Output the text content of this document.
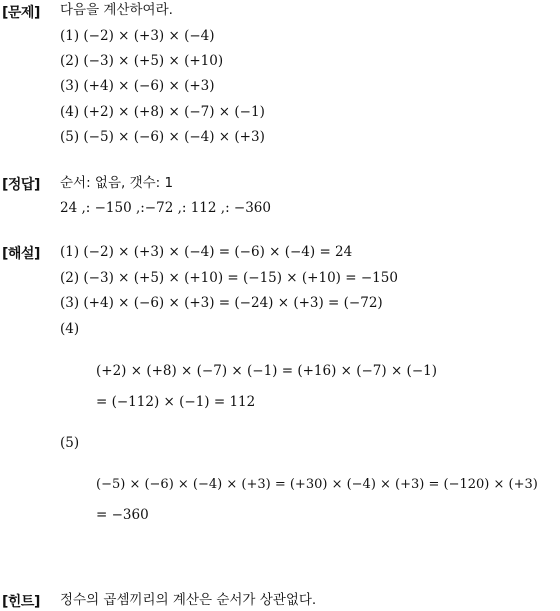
[문제] 다음을 계산하여라.
(1) (−2) × (+3) × (−4)
(2) (−3) × (+5) × (+10)
(3) (+4) × (−6) × (+3)
(4) (+2) × (+8) × (−7) × (−1)
(5) (−5) × (−6) × (−4) × (+3)
[정답] 순서: 없음, 갯수: 1
24 ,: −150 ,:−72 ,: 112 ,: −360
[해설] (1) (−2) × (+3) × (−4) = (−6) × (−4) = 24
(2) (−3) × (+5) × (+10) = (−15) × (+10) = −150
(3) (+4) × (−6) × (+3) = (−24) × (+3) = (−72)
(4)
(+2) × (+8) × (−7) × (−1) = (+16) × (−7) × (−1)
= (−112) × (−1) = 112
(5)
(−5) × (−6) × (−4) × (+3) = (+30) × (−4) × (+3) = (−120) × (+3)
= −360
[힌트] 정수의 곱셈끼리의 계산은 순서가 상관없다.
